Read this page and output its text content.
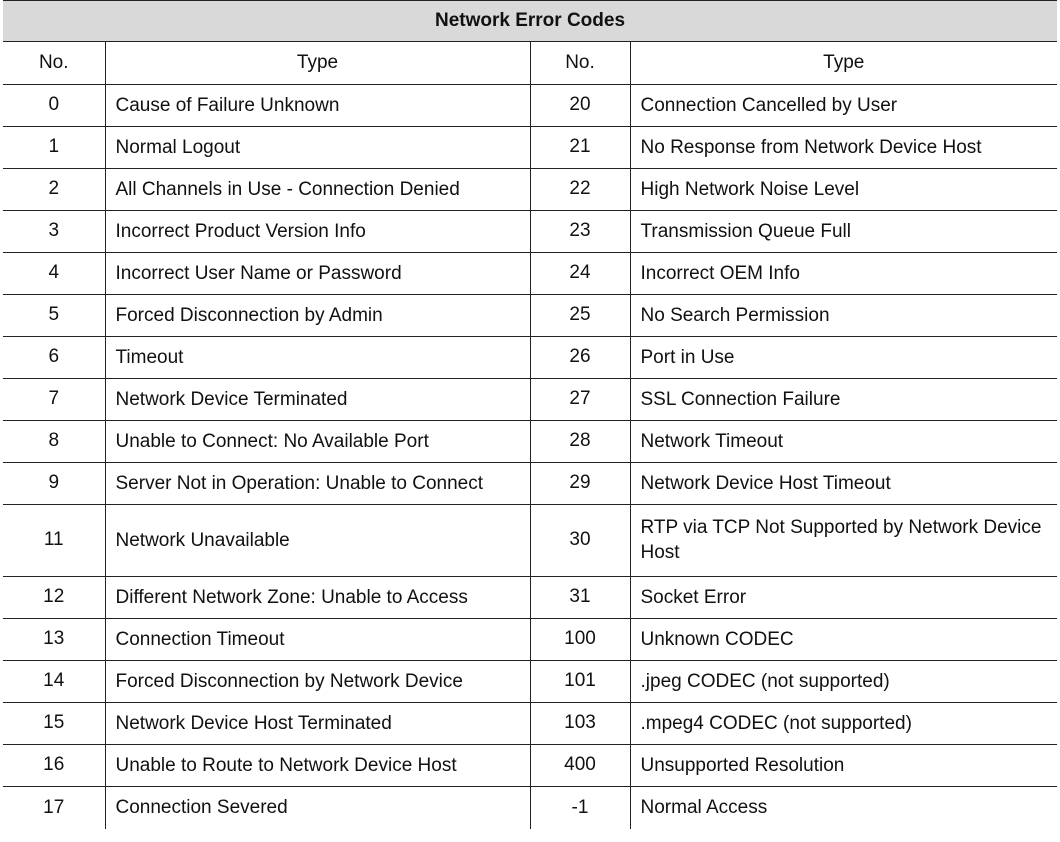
Network Error Codes
No.	Type	No.	Type
0	Cause of Failure Unknown	20	Connection Cancelled by User
1	Normal Logout	21	No Response from Network Device Host
2	All Channels in Use - Connection Denied	22	High Network Noise Level
3	Incorrect Product Version Info	23	Transmission Queue Full
4	Incorrect User Name or Password	24	Incorrect OEM Info
5	Forced Disconnection by Admin	25	No Search Permission
6	Timeout	26	Port in Use
7	Network Device Terminated	27	SSL Connection Failure
8	Unable to Connect: No Available Port	28	Network Timeout
9	Server Not in Operation: Unable to Connect	29	Network Device Host Timeout
11	Network Unavailable	30	RTP via TCP Not Supported by Network Device Host
12	Different Network Zone: Unable to Access	31	Socket Error
13	Connection Timeout	100	Unknown CODEC
14	Forced Disconnection by Network Device	101	.jpeg CODEC (not supported)
15	Network Device Host Terminated	103	.mpeg4 CODEC (not supported)
16	Unable to Route to Network Device Host	400	Unsupported Resolution
17	Connection Severed	-1	Normal Access
